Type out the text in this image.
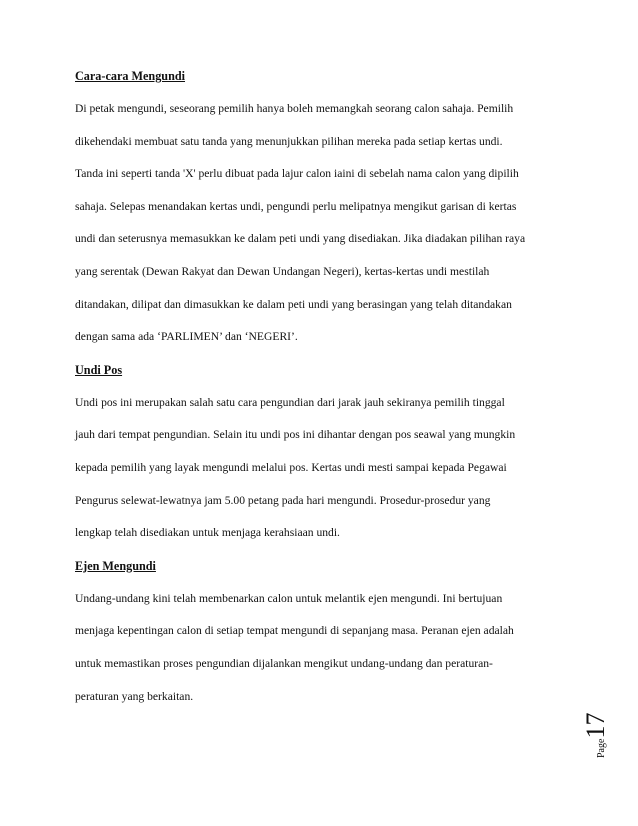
Cara-cara Mengundi
Di petak mengundi, seseorang pemilih hanya boleh memangkah seorang calon sahaja. Pemilih
dikehendaki membuat satu tanda yang menunjukkan pilihan mereka pada setiap kertas undi.
Tanda ini seperti tanda 'X' perlu dibuat pada lajur calon iaini di sebelah nama calon yang dipilih
sahaja. Selepas menandakan kertas undi, pengundi perlu melipatnya mengikut garisan di kertas
undi dan seterusnya memasukkan ke dalam peti undi yang disediakan. Jika diadakan pilihan raya
yang serentak (Dewan Rakyat dan Dewan Undangan Negeri), kertas-kertas undi mestilah
ditandakan, dilipat dan dimasukkan ke dalam peti undi yang berasingan yang telah ditandakan
dengan sama ada ‘PARLIMEN’ dan ‘NEGERI’.
Undi Pos
Undi pos ini merupakan salah satu cara pengundian dari jarak jauh sekiranya pemilih tinggal
jauh dari tempat pengundian. Selain itu undi pos ini dihantar dengan pos seawal yang mungkin
kepada pemilih yang layak mengundi melalui pos. Kertas undi mesti sampai kepada Pegawai
Pengurus selewat-lewatnya jam 5.00 petang pada hari mengundi. Prosedur-prosedur yang
lengkap telah disediakan untuk menjaga kerahsiaan undi.
Ejen Mengundi
Undang-undang kini telah membenarkan calon untuk melantik ejen mengundi. Ini bertujuan
menjaga kepentingan calon di setiap tempat mengundi di sepanjang masa. Peranan ejen adalah
untuk memastikan proses pengundian dijalankan mengikut undang-undang dan peraturan-
peraturan yang berkaitan.
Page17
